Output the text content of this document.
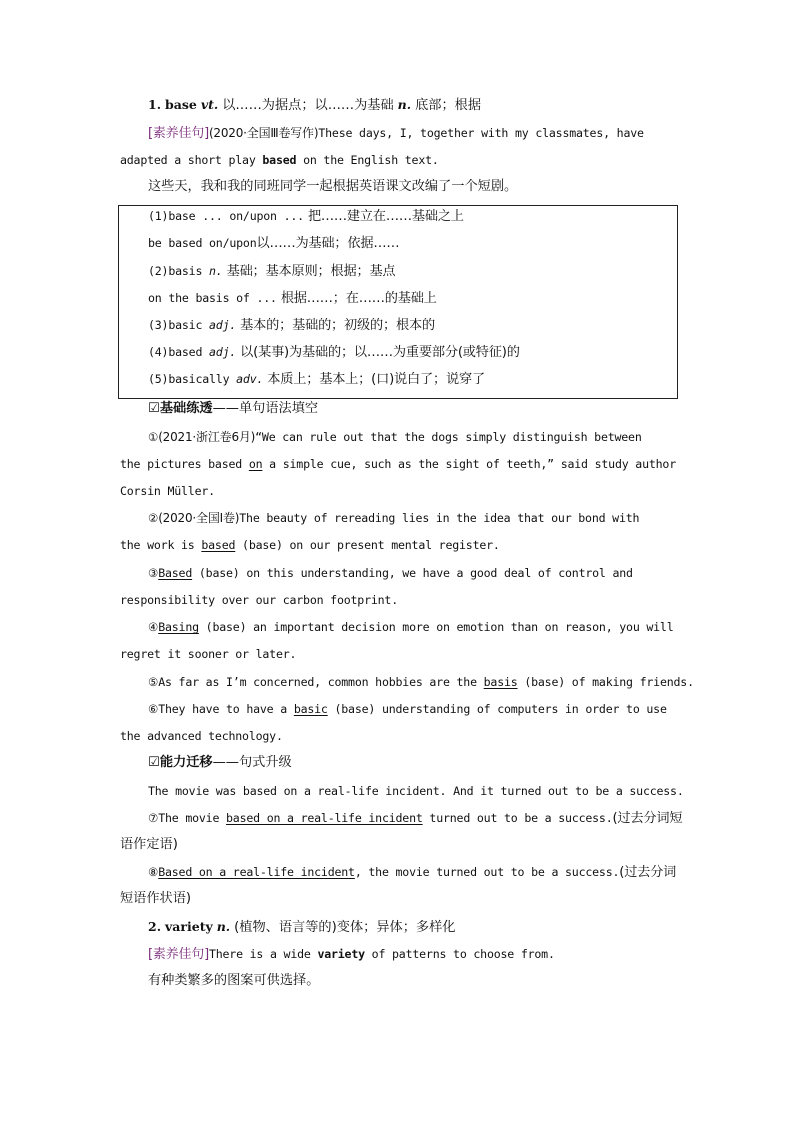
1. base vt. 以……为据点；以……为基础 n. 底部；根据
[素养佳句](2020·全国Ⅲ卷写作)These days, I, together with my classmates, have
adapted a short play based on the English text.
这些天，我和我的同班同学一起根据英语课文改编了一个短剧。
(1)base ... on/upon ... 把……建立在……基础之上
be based on/upon以……为基础；依据……
(2)basis n. 基础；基本原则；根据；基点
on the basis of ... 根据……；在……的基础上
(3)basic adj. 基本的；基础的；初级的；根本的
(4)based adj. 以(某事)为基础的；以……为重要部分(或特征)的
(5)basically adv. 本质上；基本上；(口)说白了；说穿了
☑基础练透——单句语法填空
①(2021·浙江卷6月)“We can rule out that the dogs simply distinguish between
the pictures based on a simple cue, such as the sight of teeth,” said study author
Corsin Müller.
②(2020·全国Ⅰ卷)The beauty of rereading lies in the idea that our bond with
the work is based (base) on our present mental register.
③Based (base) on this understanding, we have a good deal of control and
responsibility over our carbon footprint.
④Basing (base) an important decision more on emotion than on reason, you will
regret it sooner or later.
⑤As far as I’m concerned, common hobbies are the basis (base) of making friends.
⑥They have to have a basic (base) understanding of computers in order to use
the advanced technology.
☑能力迁移——句式升级
The movie was based on a real-life incident. And it turned out to be a success.
⑦The movie based on a real-life incident turned out to be a success.(过去分词短
语作定语)
⑧Based on a real-life incident, the movie turned out to be a success.(过去分词
短语作状语)
2. variety n. (植物、语言等的)变体；异体；多样化
[素养佳句]There is a wide variety of patterns to choose from.
有种类繁多的图案可供选择。
